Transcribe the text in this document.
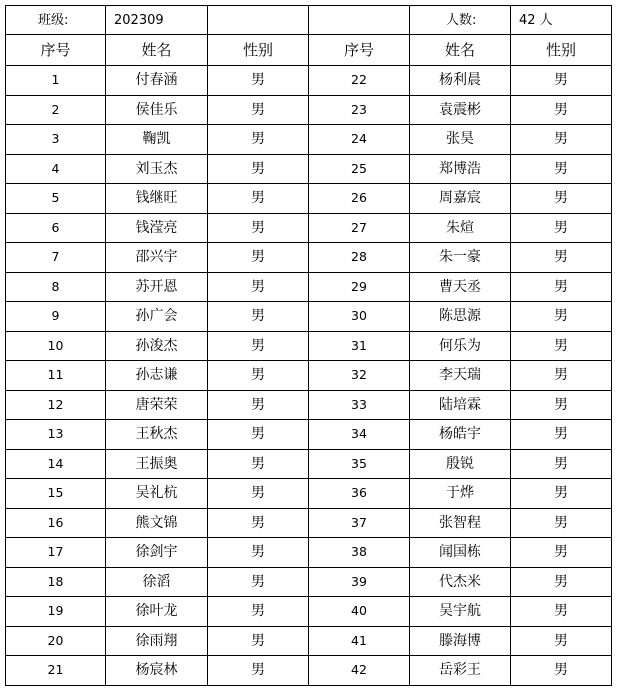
班级:	202309			人数:	42 人
序号	姓名	性别	序号	姓名	性别
1	付春涵	男	22	杨利晨	男
2	侯佳乐	男	23	袁震彬	男
3	鞠凯	男	24	张昊	男
4	刘玉杰	男	25	郑博浩	男
5	钱继旺	男	26	周嘉宸	男
6	钱滢亮	男	27	朱煊	男
7	邵兴宇	男	28	朱一豪	男
8	苏开恩	男	29	曹天丞	男
9	孙广会	男	30	陈思源	男
10	孙浚杰	男	31	何乐为	男
11	孙志谦	男	32	李天瑞	男
12	唐荣荣	男	33	陆培霖	男
13	王秋杰	男	34	杨皓宇	男
14	王振奥	男	35	殷锐	男
15	吴礼杭	男	36	于烨	男
16	熊文锦	男	37	张智程	男
17	徐剑宇	男	38	闻国栋	男
18	徐滔	男	39	代杰米	男
19	徐叶龙	男	40	吴宇航	男
20	徐雨翔	男	41	滕海博	男
21	杨宸林	男	42	岳彩王	男
